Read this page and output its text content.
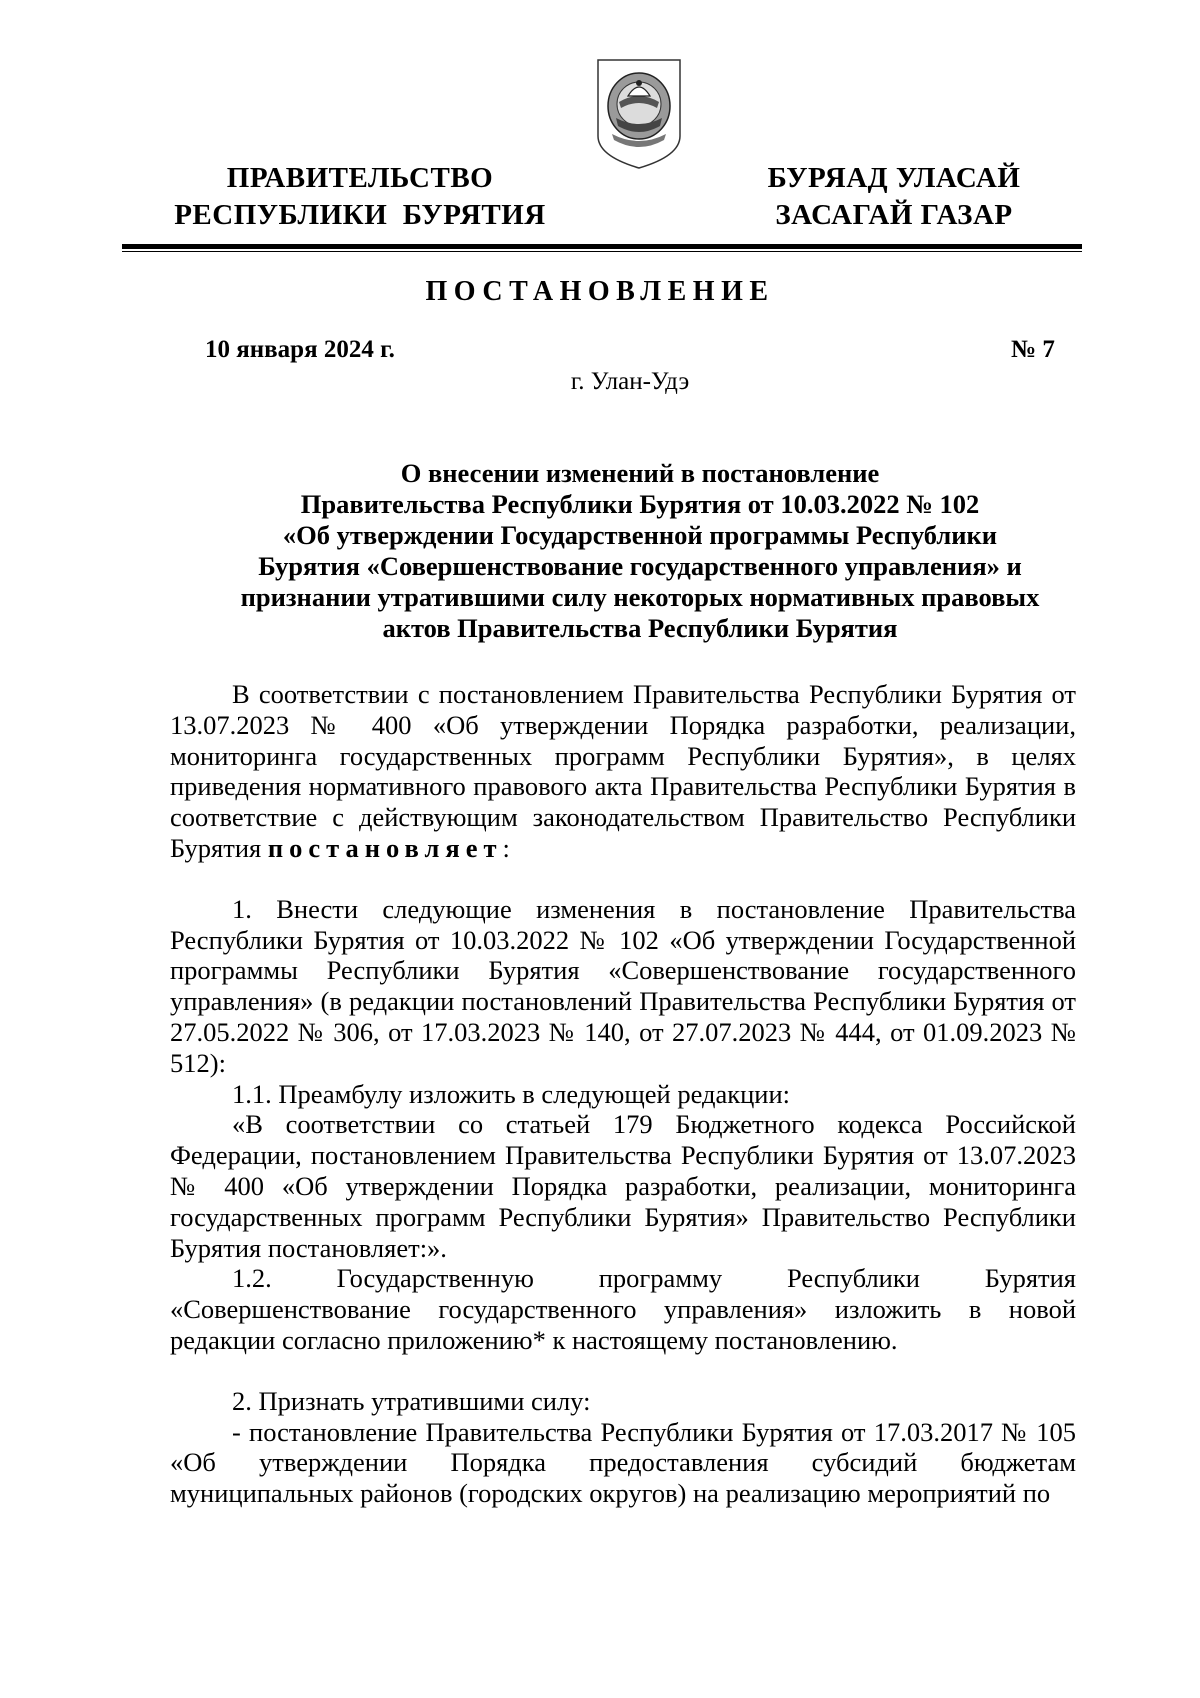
ПРАВИТЕЛЬСТВО
РЕСПУБЛИКИ  БУРЯТИЯ
БУРЯАД УЛАСАЙ
ЗАСАГАЙ ГАЗАР
ПОСТАНОВЛЕНИЕ
10 января 2024 г.	№ 7
г. Улан-Удэ
О внесении изменений в постановление
Правительства Республики Бурятия от 10.03.2022 № 102
«Об утверждении Государственной программы Республики
Бурятия «Совершенствование государственного управления» и
признании утратившими силу некоторых нормативных правовых
актов Правительства Республики Бурятия

В соответствии с постановлением Правительства Республики Бурятия от 13.07.2023 № 400 «Об утверждении Порядка разработки, реализации, мониторинга государственных программ Республики Бурятия», в целях приведения нормативного правового акта Правительства Республики Бурятия в соответствие с действующим законодательством Правительство Республики Бурятия постановляет:

1. Внести следующие изменения в постановление Правительства Республики Бурятия от 10.03.2022 № 102 «Об утверждении Государственной программы Республики Бурятия «Совершенствование государственного управления» (в редакции постановлений Правительства Республики Бурятия от 27.05.2022 № 306, от 17.03.2023 № 140, от 27.07.2023 № 444, от 01.09.2023 № 512):

1.1. Преамбулу изложить в следующей редакции:

«В соответствии со статьей 179 Бюджетного кодекса Российской Федерации, постановлением Правительства Республики Бурятия от 13.07.2023 № 400 «Об утверждении Порядка разработки, реализации, мониторинга государственных программ Республики Бурятия» Правительство Республики Бурятия постановляет:».

1.2. Государственную программу Республики Бурятия «Совершенствование государственного управления» изложить в новой редакции согласно приложению* к настоящему постановлению.

2. Признать утратившими силу:

- постановление Правительства Республики Бурятия от 17.03.2017 № 105 «Об утверждении Порядка предоставления субсидий бюджетам муниципальных районов (городских округов) на реализацию мероприятий по
